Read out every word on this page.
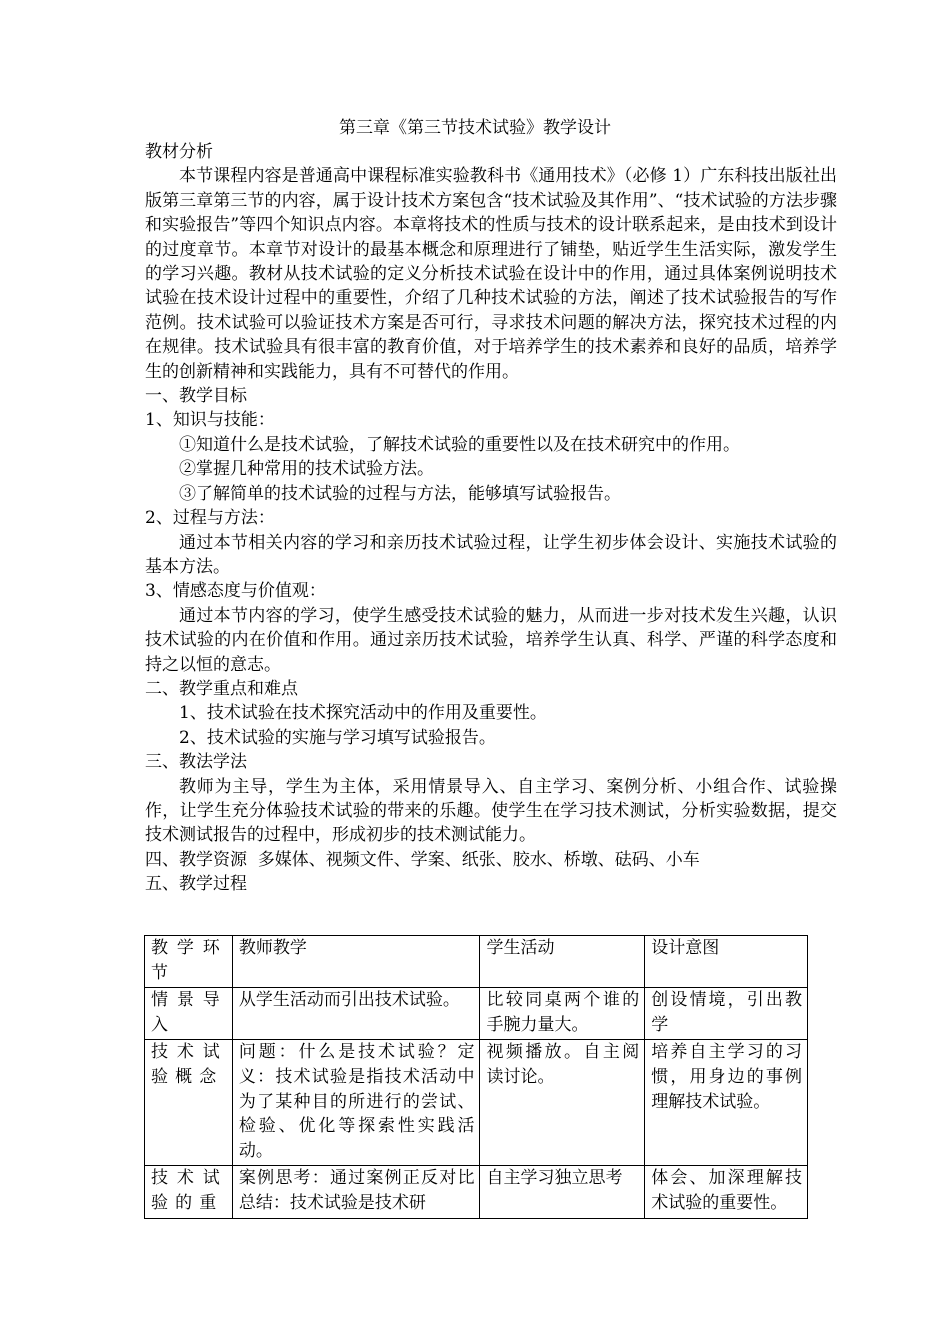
第三章《第三节技术试验》教学设计

教材分析

本节课程内容是普通高中课程标准实验教科书《通用技术》（必修 1）广东科技出版社出版第三章第三节的内容，属于设计技术方案包含“技术试验及其作用”、“技术试验的方法步骤和实验报告”等四个知识点内容。本章将技术的性质与技术的设计联系起来，是由技术到设计的过度章节。本章节对设计的最基本概念和原理进行了铺垫，贴近学生生活实际，激发学生的学习兴趣。教材从技术试验的定义分析技术试验在设计中的作用，通过具体案例说明技术试验在技术设计过程中的重要性，介绍了几种技术试验的方法，阐述了技术试验报告的写作范例。技术试验可以验证技术方案是否可行，寻求技术问题的解决方法，探究技术过程的内在规律。技术试验具有很丰富的教育价值，对于培养学生的技术素养和良好的品质，培养学生的创新精神和实践能力，具有不可替代的作用。

一、教学目标

1、知识与技能：

①知道什么是技术试验，了解技术试验的重要性以及在技术研究中的作用。

②掌握几种常用的技术试验方法。

③了解简单的技术试验的过程与方法，能够填写试验报告。

2、过程与方法：

通过本节相关内容的学习和亲历技术试验过程，让学生初步体会设计、实施技术试验的基本方法。

3、情感态度与价值观：

通过本节内容的学习，使学生感受技术试验的魅力，从而进一步对技术发生兴趣，认识技术试验的内在价值和作用。通过亲历技术试验，培养学生认真、科学、严谨的科学态度和持之以恒的意志。

二、教学重点和难点

1、技术试验在技术探究活动中的作用及重要性。

2、技术试验的实施与学习填写试验报告。

三、教法学法

教师为主导，学生为主体，采用情景导入、自主学习、案例分析、小组合作、试验操作，让学生充分体验技术试验的带来的乐趣。使学生在学习技术测试，分析实验数据，提交技术测试报告的过程中，形成初步的技术测试能力。

四、教学资源  多媒体、视频文件、学案、纸张、胶水、桥墩、砝码、小车

五、教学过程

教学环节	教师教学	学生活动	设计意图
情景导入	从学生活动而引出技术试验。	比较同桌两个谁的手腕力量大。	创设情境，引出教学
技术试验概念	问题：什么是技术试验？定义：技术试验是指技术活动中为了某种目的所进行的尝试、检验、优化等探索性实践活动。	视频播放。自主阅读讨论。	培养自主学习的习惯，用身边的事例理解技术试验。
技术试验的重	案例思考：通过案例正反对比总结：技术试验是技术研	自主学习独立思考	体会、加深理解技术试验的重要性。
